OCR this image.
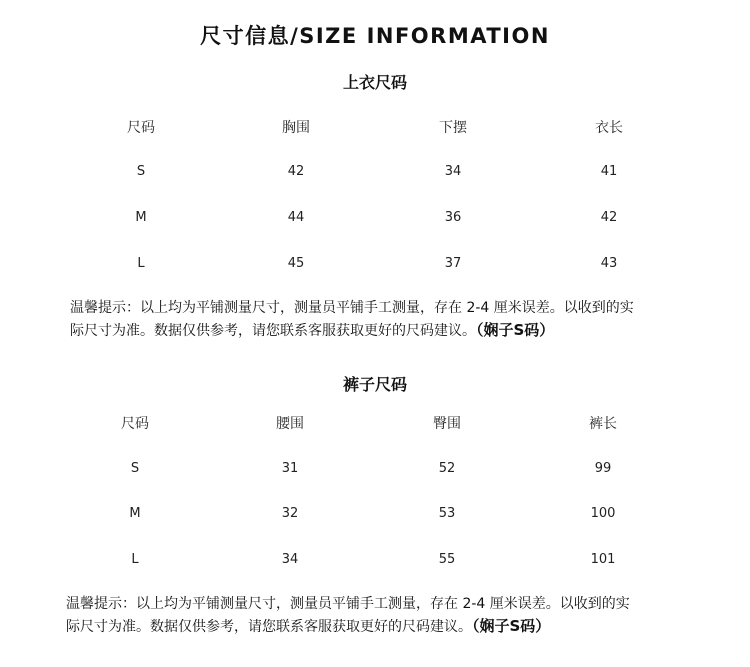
尺寸信息/SIZE INFORMATION
上衣尺码
尺码	胸围	下摆	衣长
S	42	34	41
M	44	36	42
L	45	37	43
温馨提示：以上均为平铺测量尺寸，测量员平铺手工测量，存在 2-4 厘米误差。以收到的实
际尺寸为准。数据仅供参考，请您联系客服获取更好的尺码建议。（娴子S码）
裤子尺码
尺码	腰围	臀围	裤长
S	31	52	99
M	32	53	100
L	34	55	101
温馨提示：以上均为平铺测量尺寸，测量员平铺手工测量，存在 2-4 厘米误差。以收到的实
际尺寸为准。数据仅供参考，请您联系客服获取更好的尺码建议。（娴子S码）
